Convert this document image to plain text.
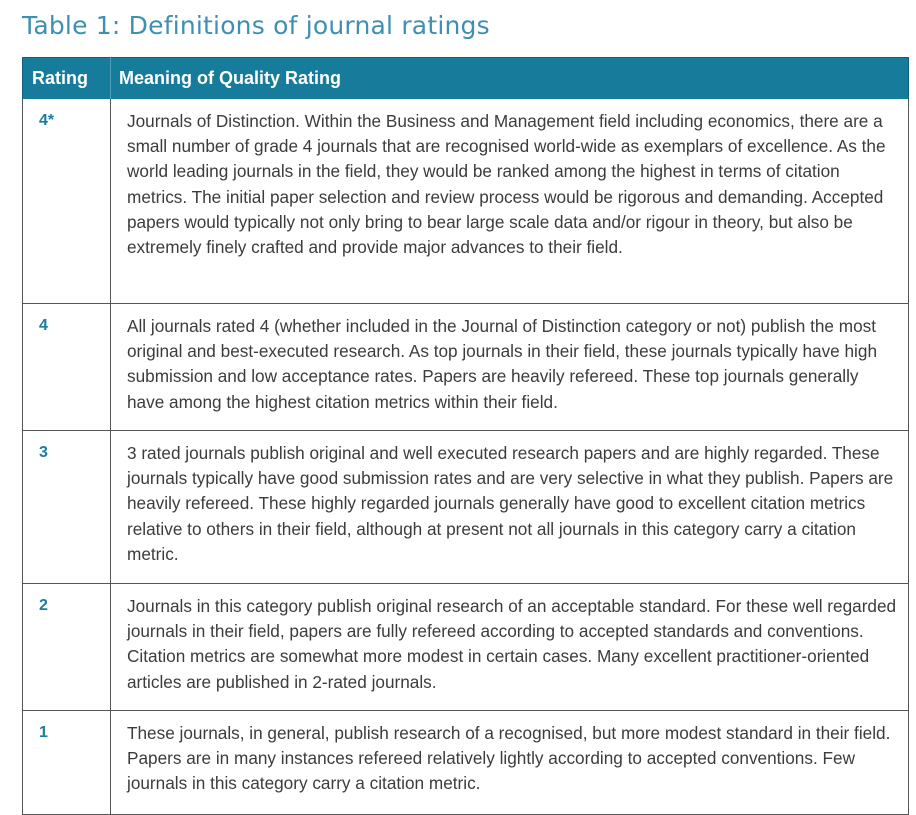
Table 1: Definitions of journal ratings
Rating	Meaning of Quality Rating
4*	Journals of Distinction. Within the Business and Management field including economics, there are a small number of grade 4 journals that are recognised world-wide as exemplars of excellence. As the world leading journals in the field, they would be ranked among the highest in terms of citation metrics. The initial paper selection and review process would be rigorous and demanding. Accepted papers would typically not only bring to bear large scale data and/or rigour in theory, but also be extremely finely crafted and provide major advances to their field.
4	All journals rated 4 (whether included in the Journal of Distinction category or not) publish the most original and best-executed research. As top journals in their field, these journals typically have high submission and low acceptance rates. Papers are heavily refereed. These top journals generally have among the highest citation metrics within their field.
3	3 rated journals publish original and well executed research papers and are highly regarded. These journals typically have good submission rates and are very selective in what they publish. Papers are heavily refereed. These highly regarded journals generally have good to excellent citation metrics relative to others in their field, although at present not all journals in this category carry a citation metric.
2	Journals in this category publish original research of an acceptable standard. For these well regarded journals in their field, papers are fully refereed according to accepted standards and conventions. Citation metrics are somewhat more modest in certain cases. Many excellent practitioner-oriented articles are published in 2-rated journals.
1	These journals, in general, publish research of a recognised, but more modest standard in their field. Papers are in many instances refereed relatively lightly according to accepted conventions. Few journals in this category carry a citation metric.
